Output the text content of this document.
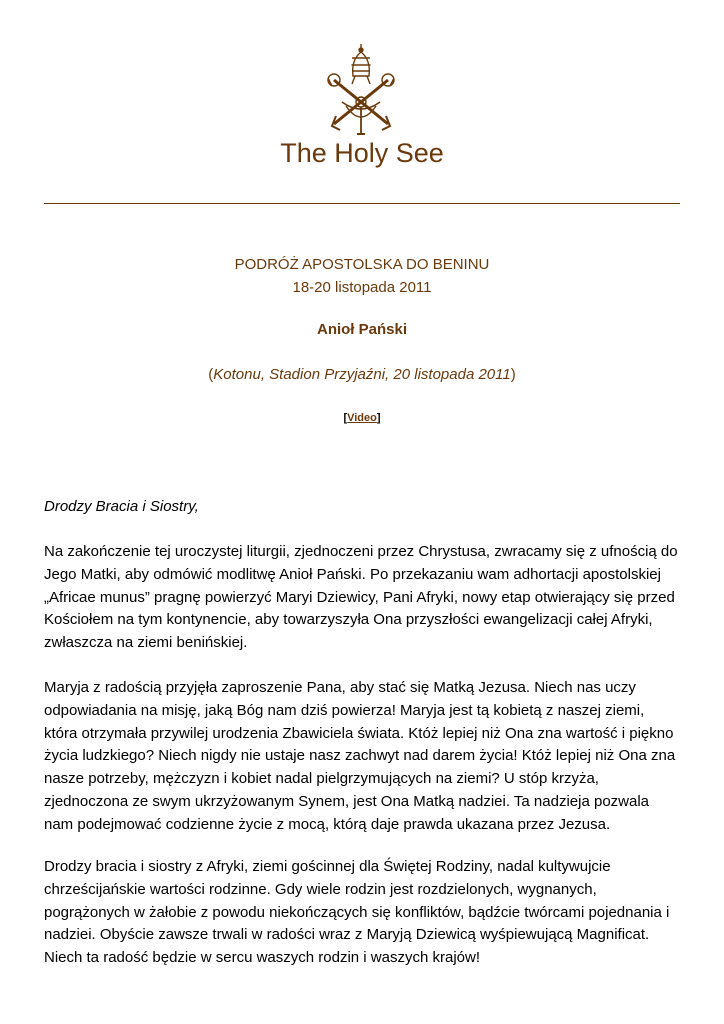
The Holy See
PODRÓŻ APOSTOLSKA DO BENINU
18-20 listopada 2011
Anioł Pański
(Kotonu, Stadion Przyjaźni, 20 listopada 2011)
[Video]
Drodzy Bracia i Siostry,

Na zakończenie tej uroczystej liturgii, zjednoczeni przez Chrystusa, zwracamy się z ufnością do Jego Matki, aby odmówić modlitwę Anioł Pański. Po przekazaniu wam adhortacji apostolskiej „Africae munus” pragnę powierzyć Maryi Dziewicy, Pani Afryki, nowy etap otwierający się przed Kościołem na tym kontynencie, aby towarzyszyła Ona przyszłości ewangelizacji całej Afryki, zwłaszcza na ziemi benińskiej.

Maryja z radością przyjęła zaproszenie Pana, aby stać się Matką Jezusa. Niech nas uczy odpowiadania na misję, jaką Bóg nam dziś powierza! Maryja jest tą kobietą z naszej ziemi, która otrzymała przywilej urodzenia Zbawiciela świata. Któż lepiej niż Ona zna wartość i piękno życia ludzkiego? Niech nigdy nie ustaje nasz zachwyt nad darem życia! Któż lepiej niż Ona zna nasze potrzeby, mężczyzn i kobiet nadal pielgrzymujących na ziemi? U stóp krzyża, zjednoczona ze swym ukrzyżowanym Synem, jest Ona Matką nadziei. Ta nadzieja pozwala nam podejmować codzienne życie z mocą, którą daje prawda ukazana przez Jezusa.

Drodzy bracia i siostry z Afryki, ziemi gościnnej dla Świętej Rodziny, nadal kultywujcie chrześcijańskie wartości rodzinne. Gdy wiele rodzin jest rozdzielonych, wygnanych, pogrążonych w żałobie z powodu niekończących się konfliktów, bądźcie twórcami pojednania i nadziei. Obyście zawsze trwali w radości wraz z Maryją Dziewicą wyśpiewującą Magnificat. Niech ta radość będzie w sercu waszych rodzin i waszych krajów!
